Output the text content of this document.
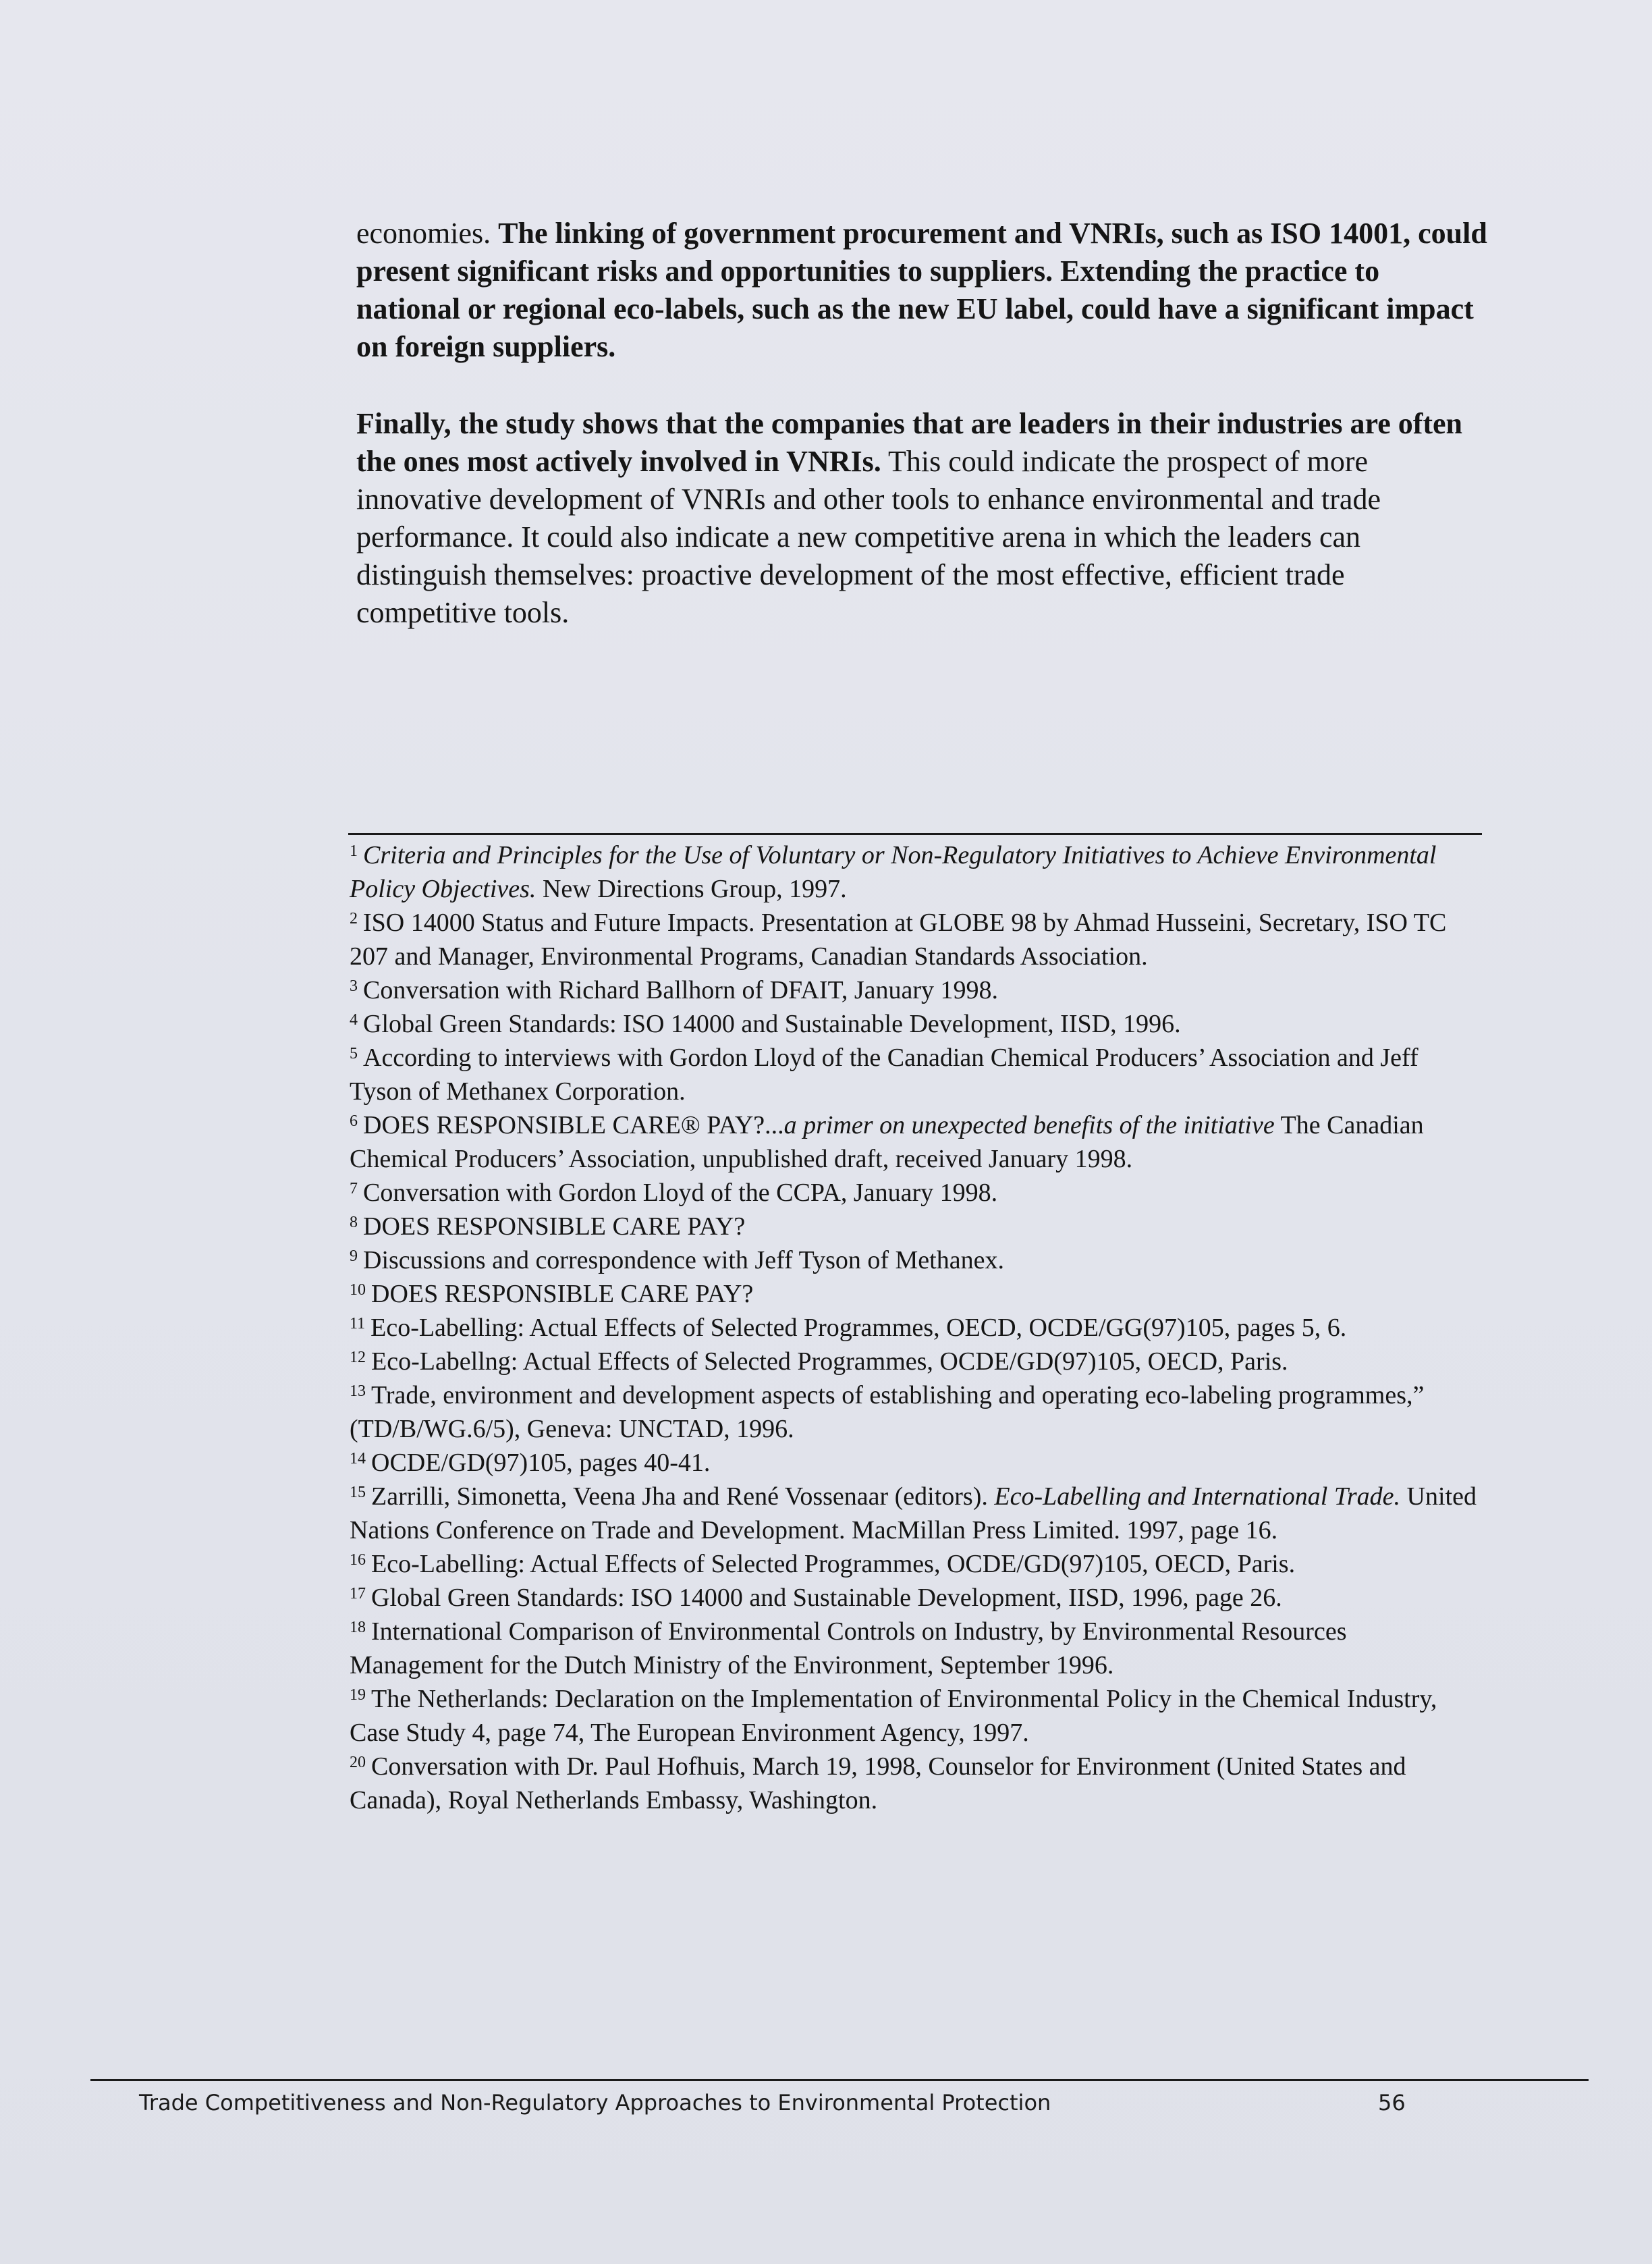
economies. The linking of government procurement and VNRIs, such as ISO 14001, could present significant risks and opportunities to suppliers. Extending the practice to national or regional eco-labels, such as the new EU label, could have a significant impact on foreign suppliers.

Finally, the study shows that the companies that are leaders in their industries are often the ones most actively involved in VNRIs. This could indicate the prospect of more innovative development of VNRIs and other tools to enhance environmental and trade performance. It could also indicate a new competitive arena in which the leaders can distinguish themselves: proactive development of the most effective, efficient trade competitive tools.

$^1$ Criteria and Principles for the Use of Voluntary or Non-Regulatory Initiatives to Achieve Environmental Policy Objectives. New Directions Group, 1997.
$^2$ ISO 14000 Status and Future Impacts. Presentation at GLOBE 98 by Ahmad Husseini, Secretary, ISO TC 207 and Manager, Environmental Programs, Canadian Standards Association.
$^3$ Conversation with Richard Ballhorn of DFAIT, January 1998.
$^4$ Global Green Standards: ISO 14000 and Sustainable Development, IISD, 1996.
$^5$ According to interviews with Gordon Lloyd of the Canadian Chemical Producers’ Association and Jeff Tyson of Methanex Corporation.
$^6$ DOES RESPONSIBLE CARE® PAY?...a primer on unexpected benefits of the initiative The Canadian Chemical Producers’ Association, unpublished draft, received January 1998.
$^7$ Conversation with Gordon Lloyd of the CCPA, January 1998.
$^8$ DOES RESPONSIBLE CARE PAY?
$^9$ Discussions and correspondence with Jeff Tyson of Methanex.
$^{10}$ DOES RESPONSIBLE CARE PAY?
$^{11}$ Eco-Labelling: Actual Effects of Selected Programmes, OECD, OCDE/GG(97)105, pages 5, 6.
$^{12}$ Eco-Labellng: Actual Effects of Selected Programmes, OCDE/GD(97)105, OECD, Paris.
$^{13}$ Trade, environment and development aspects of establishing and operating eco-labeling programmes,” (TD/B/WG.6/5), Geneva: UNCTAD, 1996.
$^{14}$ OCDE/GD(97)105, pages 40-41.
$^{15}$ Zarrilli, Simonetta, Veena Jha and René Vossenaar (editors). Eco-Labelling and International Trade. United Nations Conference on Trade and Development. MacMillan Press Limited. 1997, page 16.
$^{16}$ Eco-Labelling: Actual Effects of Selected Programmes, OCDE/GD(97)105, OECD, Paris.
$^{17}$ Global Green Standards: ISO 14000 and Sustainable Development, IISD, 1996, page 26.
$^{18}$ International Comparison of Environmental Controls on Industry, by Environmental Resources Management for the Dutch Ministry of the Environment, September 1996.
$^{19}$ The Netherlands: Declaration on the Implementation of Environmental Policy in the Chemical Industry, Case Study 4, page 74, The European Environment Agency, 1997.
$^{20}$ Conversation with Dr. Paul Hofhuis, March 19, 1998, Counselor for Environment (United States and Canada), Royal Netherlands Embassy, Washington.
Trade Competitiveness and Non-Regulatory Approaches to Environmental Protection	56
